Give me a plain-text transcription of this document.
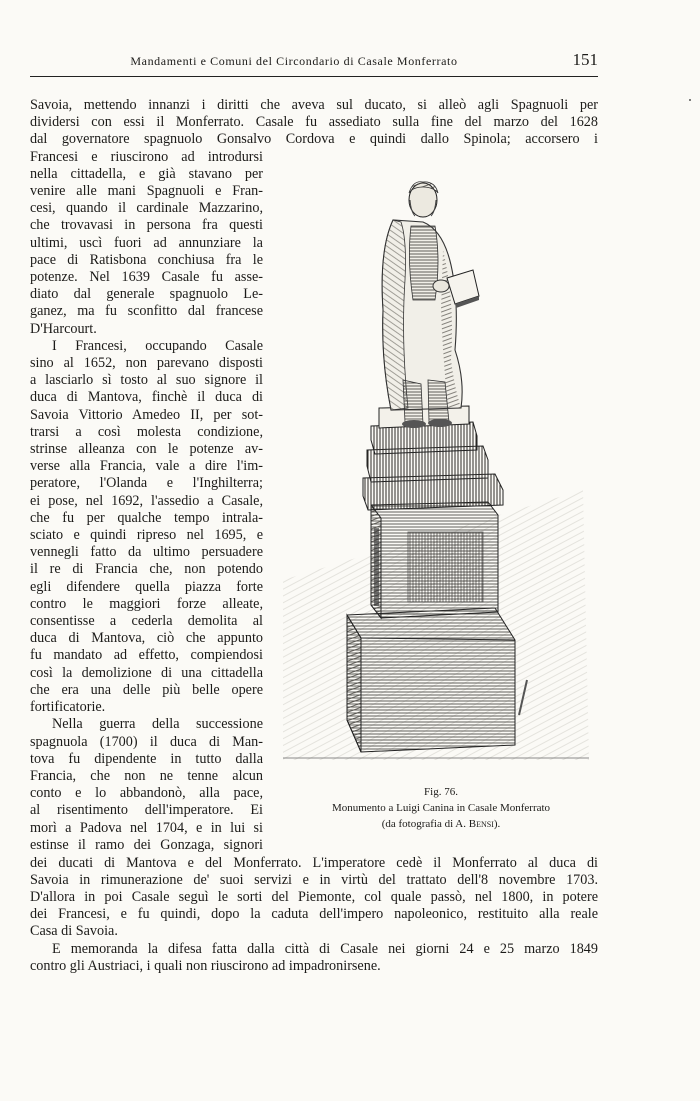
Mandamenti e Comuni del Circondario di Casale Monferrato	151
Savoia, mettendo innanzi i diritti che aveva sul ducato, si alleò agli Spagnuoli per
dividersi con essi il Monferrato. Casale fu assediato sulla fine del marzo del 1628
dal governatore spagnuolo Gonsalvo Cordova e quindi dallo Spinola; accorsero i
Francesi e riuscirono ad introdursi
nella cittadella, e già stavano per
venire alle mani Spagnuoli e Fran-
cesi, quando il cardinale Mazzarino,
che trovavasi in persona fra questi
ultimi, uscì fuori ad annunziare la
pace di Ratisbona conchiusa fra le
potenze. Nel 1639 Casale fu asse-
diato dal generale spagnuolo Le-
ganez, ma fu sconfitto dal francese
D'Harcourt.
I Francesi, occupando Casale
sino al 1652, non parevano disposti
a lasciarlo sì tosto al suo signore il
duca di Mantova, finchè il duca di
Savoia Vittorio Amedeo II, per sot-
trarsi a così molesta condizione,
strinse alleanza con le potenze av-
verse alla Francia, vale a dire l'im-
peratore, l'Olanda e l'Inghilterra;
ei pose, nel 1692, l'assedio a Casale,
che fu per qualche tempo intrala-
sciato e quindi ripreso nel 1695, e
vennegli fatto da ultimo persuadere
il re di Francia che, non potendo
egli difendere quella piazza forte
contro le maggiori forze alleate,
consentisse a cederla demolita al
duca di Mantova, ciò che appunto
fu mandato ad effetto, compiendosi
così la demolizione di una cittadella
che era una delle più belle opere
fortificatorie.
Nella guerra della successione
spagnuola (1700) il duca di Man-
tova fu dipendente in tutto dalla
Francia, che non ne tenne alcun
conto e lo abbandonò, alla pace,
al risentimento dell'imperatore. Ei
morì a Padova nel 1704, e in lui si
estinse il ramo dei Gonzaga, signori
dei ducati di Mantova e del Monferrato. L'imperatore cedè il Monferrato al duca di
Savoia in rimunerazione de' suoi servizi e in virtù del trattato dell'8 novembre 1703.
D'allora in poi Casale seguì le sorti del Piemonte, col quale passò, nel 1800, in potere
dei Francesi, e fu quindi, dopo la caduta dell'impero napoleonico, restituito alla reale
Casa di Savoia.
E memoranda la difesa fatta dalla città di Casale nei giorni 24 e 25 marzo 1849
contro gli Austriaci, i quali non riuscirono ad impadronirsene.
Fig. 76.
Monumento a Luigi Canina in Casale Monferrato
(da fotografia di A. Bensi).
